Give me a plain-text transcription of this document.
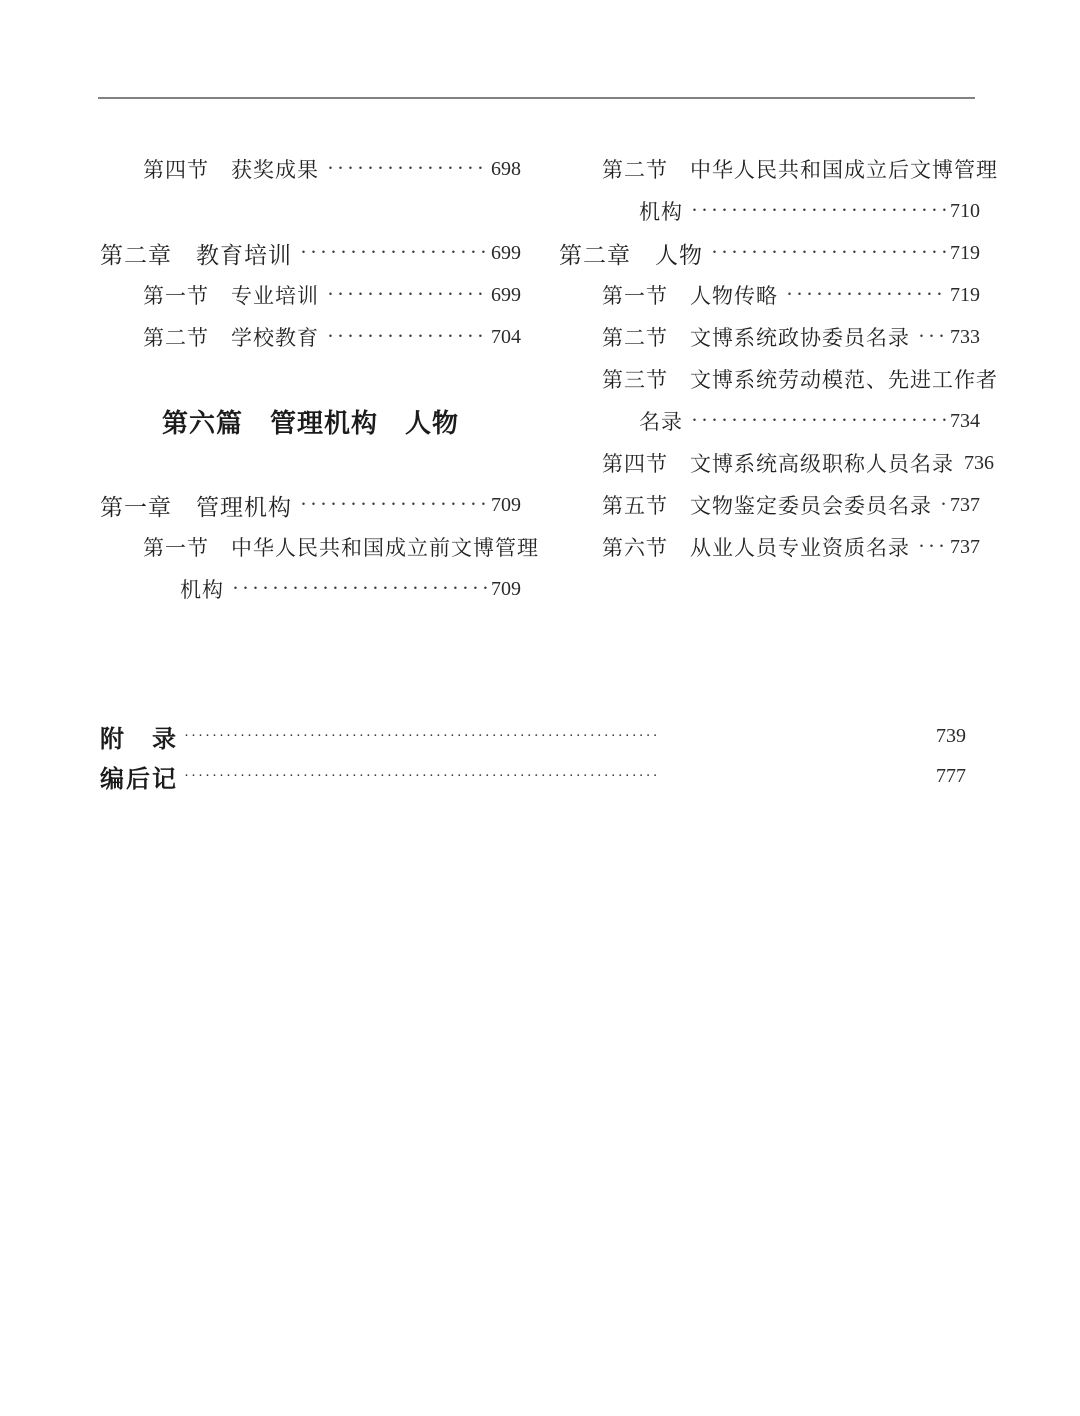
第四节　获奖成果 ·····	698
第二章　教育培训 ·····	699
第一节　专业培训 ·····	699
第二节　学校教育 ·····	704
第六篇　管理机构　人物
第一章　管理机构 ·····	709
第一节　中华人民共和国成立前文博管理
机构 ·····	709
第二节　中华人民共和国成立后文博管理
机构 ·····	710
第二章　人物 ·····	719
第一节　人物传略 ·····	719
第二节　文博系统政协委员名录 ····· 733
第三节　文博系统劳动模范、先进工作者
名录 ·····	734
第四节　文博系统高级职称人员名录 736
第五节　文物鉴定委员会委员名录 ····· 737
第六节　从业人员专业资质名录 ····· 737
附　录 ·····	739
编后记 ·····	777
